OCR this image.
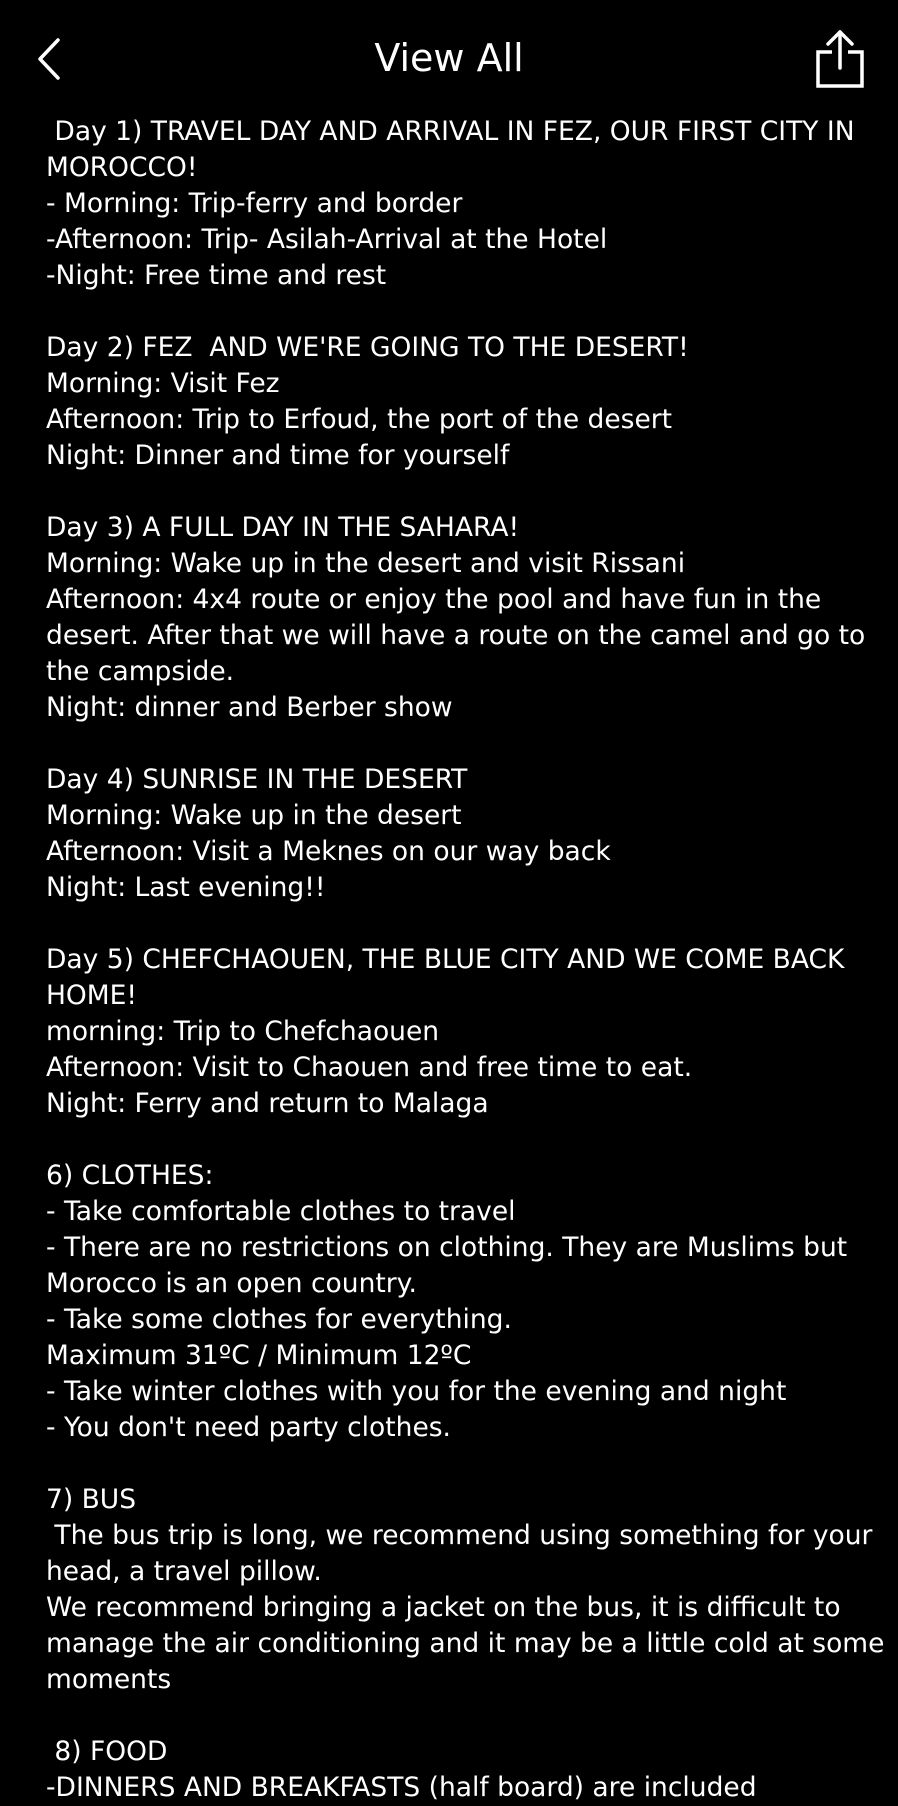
View All
Day 1) TRAVEL DAY AND ARRIVAL IN FEZ, OUR FIRST CITY IN
MOROCCO!
- Morning: Trip-ferry and border
-Afternoon: Trip- Asilah-Arrival at the Hotel
-Night: Free time and rest
Day 2) FEZ  AND WE'RE GOING TO THE DESERT!
Morning: Visit Fez
Afternoon: Trip to Erfoud, the port of the desert
Night: Dinner and time for yourself
Day 3) A FULL DAY IN THE SAHARA!
Morning: Wake up in the desert and visit Rissani
Afternoon: 4x4 route or enjoy the pool and have fun in the
desert. After that we will have a route on the camel and go to
the campside.
Night: dinner and Berber show
Day 4) SUNRISE IN THE DESERT
Morning: Wake up in the desert
Afternoon: Visit a Meknes on our way back
Night: Last evening!!
Day 5) CHEFCHAOUEN, THE BLUE CITY AND WE COME BACK
HOME!
morning: Trip to Chefchaouen
Afternoon: Visit to Chaouen and free time to eat.
Night: Ferry and return to Malaga
6) CLOTHES:
- Take comfortable clothes to travel
- There are no restrictions on clothing. They are Muslims but
Morocco is an open country.
- Take some clothes for everything.
Maximum 31ºC / Minimum 12ºC
- Take winter clothes with you for the evening and night
- You don't need party clothes.
7) BUS
The bus trip is long, we recommend using something for your
head, a travel pillow.
We recommend bringing a jacket on the bus, it is difficult to
manage the air conditioning and it may be a little cold at some
moments
8) FOOD
-DINNERS AND BREAKFASTS (half board) are included
